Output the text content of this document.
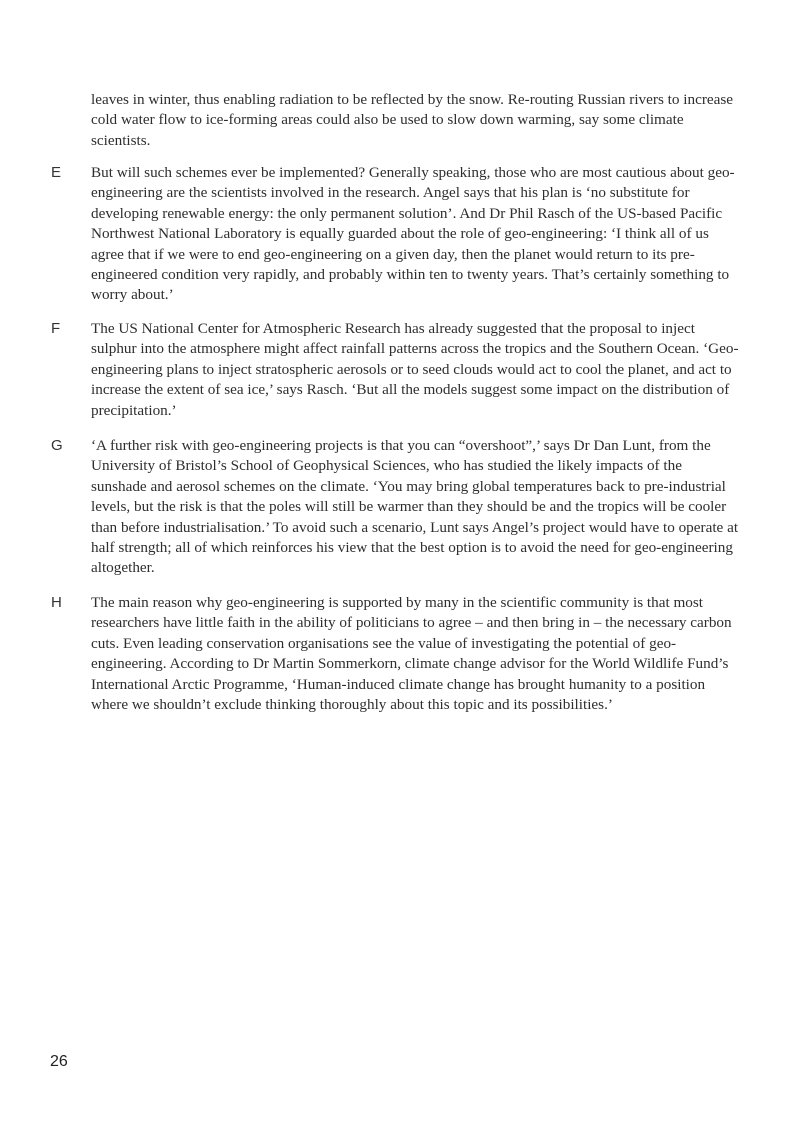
leaves in winter, thus enabling radiation to be reflected by the snow. Re-routing Russian rivers to increase cold water flow to ice-forming areas could also be used to slow down warming, say some climate scientists.

E But will such schemes ever be implemented? Generally speaking, those who are most cautious about geo-engineering are the scientists involved in the research. Angel says that his plan is ‘no substitute for developing renewable energy: the only permanent solution’. And Dr Phil Rasch of the US-based Pacific Northwest National Laboratory is equally guarded about the role of geo-engineering: ‘I think all of us agree that if we were to end geo-engineering on a given day, then the planet would return to its pre-engineered condition very rapidly, and probably within ten to twenty years. That’s certainly something to worry about.’

F The US National Center for Atmospheric Research has already suggested that the proposal to inject sulphur into the atmosphere might affect rainfall patterns across the tropics and the Southern Ocean. ‘Geo-engineering plans to inject stratospheric aerosols or to seed clouds would act to cool the planet, and act to increase the extent of sea ice,’ says Rasch. ‘But all the models suggest some impact on the distribution of precipitation.’

G ‘A further risk with geo-engineering projects is that you can “overshoot”,’ says Dr Dan Lunt, from the University of Bristol’s School of Geophysical Sciences, who has studied the likely impacts of the sunshade and aerosol schemes on the climate. ‘You may bring global temperatures back to pre-industrial levels, but the risk is that the poles will still be warmer than they should be and the tropics will be cooler than before industrialisation.’ To avoid such a scenario, Lunt says Angel’s project would have to operate at half strength; all of which reinforces his view that the best option is to avoid the need for geo-engineering altogether.

H The main reason why geo-engineering is supported by many in the scientific community is that most researchers have little faith in the ability of politicians to agree – and then bring in – the necessary carbon cuts. Even leading conservation organisations see the value of investigating the potential of geo-engineering. According to Dr Martin Sommerkorn, climate change advisor for the World Wildlife Fund’s International Arctic Programme, ‘Human-induced climate change has brought humanity to a position where we shouldn’t exclude thinking thoroughly about this topic and its possibilities.’

26
